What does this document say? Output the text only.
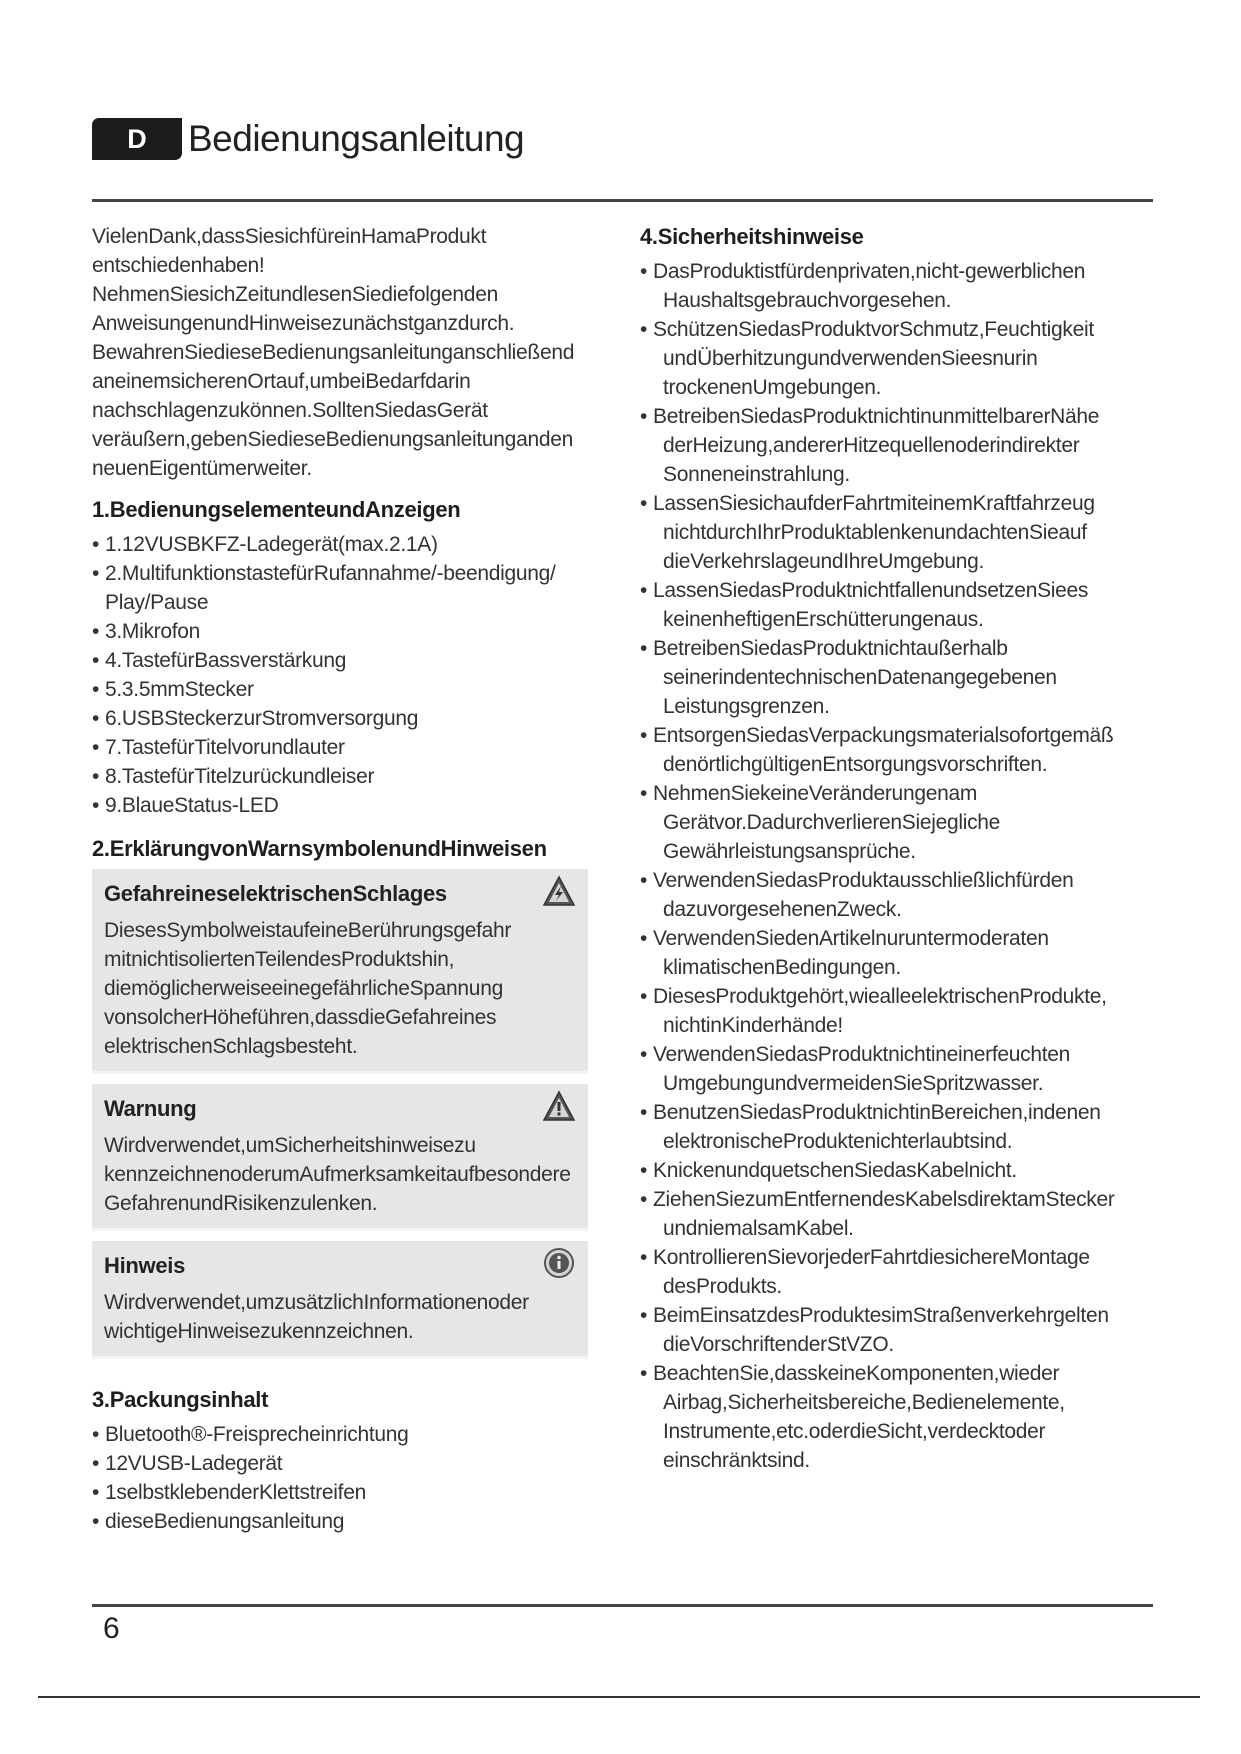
D	Bedienungsanleitung

VielenDank,dassSiesichfüreinHamaProdukt entschiedenhaben! NehmenSiesichZeitundlesenSiediefolgenden AnweisungenundHinweisezunächstganzdurch. BewahrenSiedieseBedienungsanleitunganschließend aneinemsicherenOrtauf,umbeiBedarfdarin nachschlagenzukönnen.SolltenSiedasGerät veräußern,gebenSiedieseBedienungsanleitunganden neuenEigentümerweiter.

1.BedienungselementeundAnzeigen
• 1.12VUSBKFZ-Ladegerät(max.2.1A)
• 2.MultifunktionstastefürRufannahme/-beendigung/ Play/Pause
• 3.Mikrofon
• 4.TastefürBassverstärkung
• 5.3.5mmStecker
• 6.USBSteckerzurStromversorgung
• 7.TastefürTitelvorundlauter
• 8.TastefürTitelzurückundleiser
• 9.BlaueStatus-LED
2.ErklärungvonWarnsymbolenundHinweisen
GefahreineselektrischenSchlages
DiesesSymbolweistaufeineBerührungsgefahr mitnichtisoliertenTeilendesProduktshin, diemöglicherweiseeinegefährlicheSpannung vonsolcherHöheführen,dassdieGefahreines elektrischenSchlagsbesteht.
Warnung
Wirdverwendet,umSicherheitshinweisezu kennzeichnenoderumAufmerksamkeitaufbesondere GefahrenundRisikenzulenken.
Hinweis
Wirdverwendet,umzusätzlichInformationenoder wichtigeHinweisezukennzeichnen.
3.Packungsinhalt
• Bluetooth®-Freisprecheinrichtung
• 12VUSB-Ladegerät
• 1selbstklebenderKlettstreifen
• dieseBedienungsanleitung
4.Sicherheitshinweise
• DasProduktistfürdenprivaten,nicht-gewerblichen
Haushaltsgebrauchvorgesehen.
• SchützenSiedasProduktvorSchmutz,Feuchtigkeit
undÜberhitzungundverwendenSieesnurin trockenenUmgebungen.
• BetreibenSiedasProduktnichtinunmittelbarerNähe
derHeizung,andererHitzequellenoderindirekter Sonneneinstrahlung.
• LassenSiesichaufderFahrtmiteinemKraftfahrzeug
nichtdurchIhrProduktablenkenundachtenSieauf dieVerkehrslageundIhreUmgebung.
• LassenSiedasProduktnichtfallenundsetzenSiees
keinenheftigenErschütterungenaus.
• BetreibenSiedasProduktnichtaußerhalb
seinerindentechnischenDatenangegebenen Leistungsgrenzen.
• EntsorgenSiedasVerpackungsmaterialsofortgemäß
denörtlichgültigenEntsorgungsvorschriften.
• NehmenSiekeineVeränderungenam
Gerätvor.DadurchverlierenSiejegliche Gewährleistungsansprüche.
• VerwendenSiedasProduktausschließlichfürden
dazuvorgesehenenZweck.
• VerwendenSiedenArtikelnuruntermoderaten
klimatischenBedingungen.
• DiesesProduktgehört,wiealleelektrischenProdukte,
nichtinKinderhände!
• VerwendenSiedasProduktnichtineinerfeuchten
UmgebungundvermeidenSieSpritzwasser.
• BenutzenSiedasProduktnichtinBereichen,indenen
elektronischeProduktenichterlaubtsind.
• KnickenundquetschenSiedasKabelnicht.
• ZiehenSiezumEntfernendesKabelsdirektamStecker
undniemalsamKabel.
• KontrollierenSievorjederFahrtdiesichereMontage
desProdukts.
• BeimEinsatzdesProduktesimStraßenverkehrgelten
dieVorschriftenderStVZO.
• BeachtenSie,dasskeineKomponenten,wieder
Airbag,Sicherheitsbereiche,Bedienelemente, Instrumente,etc.oderdieSicht,verdecktoder einschränktsind.
6
